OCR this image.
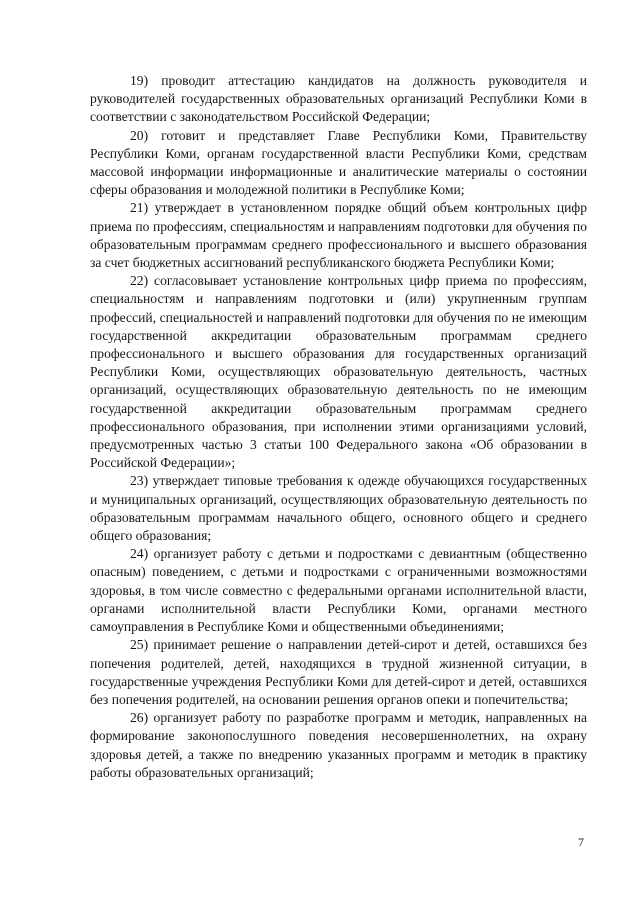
19) проводит аттестацию кандидатов на должность руководителя и руководителей государственных образовательных организаций Республики Коми в соответствии с законодательством Российской Федерации;

20) готовит и представляет Главе Республики Коми, Правительству Республики Коми, органам государственной власти Республики Коми, средствам массовой информации информационные и аналитические материалы о состоянии сферы образования и молодежной политики в Республике Коми;

21) утверждает в установленном порядке общий объем контрольных цифр приема по профессиям, специальностям и направлениям подготовки для обучения по образовательным программам среднего профессионального и высшего образования за счет бюджетных ассигнований республиканского бюджета Республики Коми;

22) согласовывает установление контрольных цифр приема по профессиям, специальностям и направлениям подготовки и (или) укрупненным группам профессий, специальностей и направлений подготовки для обучения по не имеющим государственной аккредитации образовательным программам среднего профессионального и высшего образования для государственных организаций Республики Коми, осуществляющих образовательную деятельность, частных организаций, осуществляющих образовательную деятельность по не имеющим государственной аккредитации образовательным программам среднего профессионального образования, при исполнении этими организациями условий, предусмотренных частью 3 статьи 100 Федерального закона «Об образовании в Российской Федерации»;

23) утверждает типовые требования к одежде обучающихся государственных и муниципальных организаций, осуществляющих образовательную деятельность по образовательным программам начального общего, основного общего и среднего общего образования;

24) организует работу с детьми и подростками с девиантным (общественно опасным) поведением, с детьми и подростками с ограниченными возможностями здоровья, в том числе совместно с федеральными органами исполнительной власти, органами исполнительной власти Республики Коми, органами местного самоуправления в Республике Коми и общественными объединениями;

25) принимает решение о направлении детей-сирот и детей, оставшихся без попечения родителей, детей, находящихся в трудной жизненной ситуации, в государственные учреждения Республики Коми для детей-сирот и детей, оставшихся без попечения родителей, на основании решения органов опеки и попечительства;

26) организует работу по разработке программ и методик, направленных на формирование законопослушного поведения несовершеннолетних, на охрану здоровья детей, а также по внедрению указанных программ и методик в практику работы образовательных организаций;

7
